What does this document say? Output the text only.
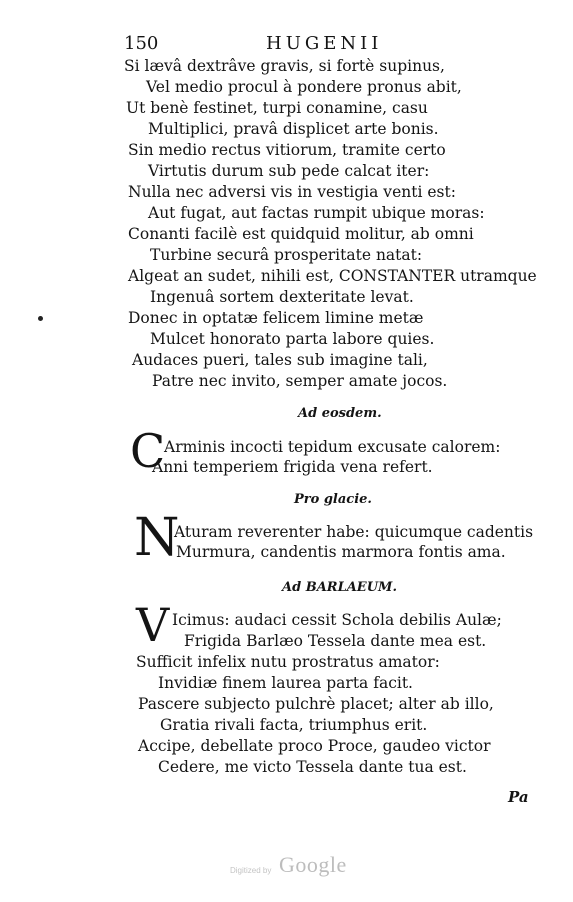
150	HUGENII
Si lævâ dextrâve gravis, si fortè supinus,
Vel medio procul à pondere pronus abit,
Ut benè festinet, turpi conamine, casu
Multiplici, pravâ displicet arte bonis.
Sin medio rectus vitiorum, tramite certo
Virtutis durum sub pede calcat iter:
Nulla nec adversi vis in vestigia venti est:
Aut fugat, aut factas rumpit ubique moras:
Conanti facilè est quidquid molitur, ab omni
Turbine securâ prosperitate natat:
Algeat an sudet, nihili est, CONSTANTER utramque
Ingenuâ sortem dexteritate levat.
Donec in optatæ felicem limine metæ
Mulcet honorato parta labore quies.
Audaces pueri, tales sub imagine tali,
Patre nec invito, semper amate jocos.
Ad eosdem.
C
Arminis incocti tepidum excusate calorem:
Anni temperiem frigida vena refert.
Pro glacie.
N
Aturam reverenter habe: quicumque cadentis
Murmura, candentis marmora fontis ama.
Ad BARLAEUM.
V Icimus: audaci cessit Schola debilis Aulæ;
Frigida Barlæo Tessela dante mea est.
Sufficit infelix nutu prostratus amator:
Invidiæ finem laurea parta facit.
Pascere subjecto pulchrè placet; alter ab illo,
Gratia rivali facta, triumphus erit.
Accipe, debellate proco Proce, gaudeo victor
Cedere, me victo Tessela dante tua est.
Pa
Digitized by Google
